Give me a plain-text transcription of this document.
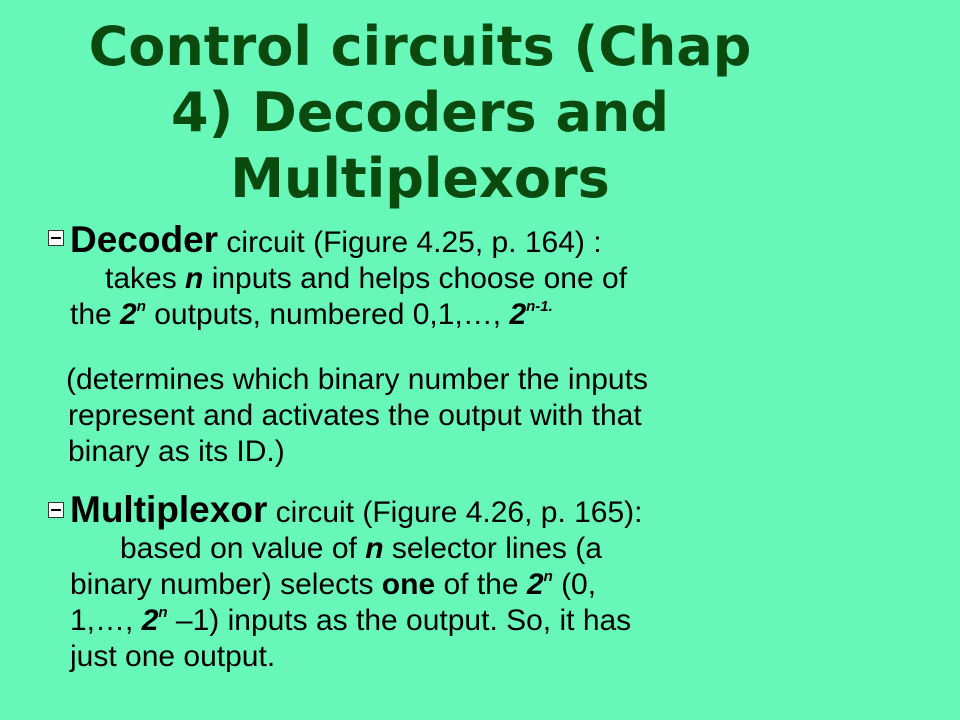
Control circuits (Chap
4) Decoders and
Multiplexors
Decoder circuit (Figure 4.25, p. 164) :
takes n inputs and helps choose one of
the 2$^n$ outputs, numbered 0,1,…, $2^{n-1.}$
(determines which binary number the inputs
represent and activates the output with that
binary as its ID.)
Multiplexor circuit (Figure 4.26, p. 165):
based on value of n selector lines (a
binary number) selects one of the 2$^n$ (0,
1,…, 2$^n$ –1) inputs as the output. So, it has
just one output.
